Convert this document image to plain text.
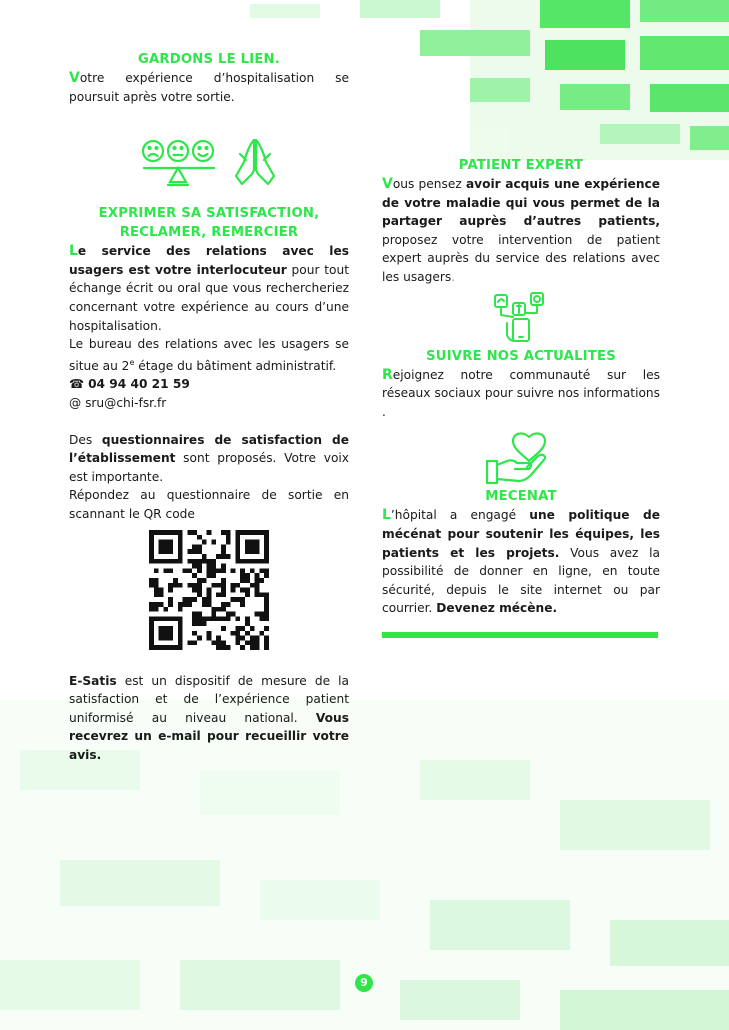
GARDONS LE LIEN.

Votre expérience d’hospitalisation se poursuit après votre sortie.

EXPRIMER SA SATISFACTION,
RECLAMER, REMERCIER

Le service des relations avec les usagers est votre interlocuteur pour tout échange écrit ou oral que vous rechercheriez concernant votre expérience au cours d’une hospitalisation.

Le bureau des relations avec les usagers se situe au 2e étage du bâtiment administratif.

☎ 04 94 40 21 59

@ sru@chi-fsr.fr

Des questionnaires de satisfaction de l’établissement sont proposés. Votre voix est importante.

Répondez au questionnaire de sortie en scannant le QR code

E-Satis est un dispositif de mesure de la satisfaction et de l’expérience patient uniformisé au niveau national. Vous recevrez un e-mail pour recueillir votre avis.

PATIENT EXPERT

Vous pensez avoir acquis une expérience de votre maladie qui vous permet de la partager auprès d’autres patients, proposez votre intervention de patient expert auprès du service des relations avec les usagers.

SUIVRE NOS ACTUALITES

Rejoignez notre communauté sur les réseaux sociaux pour suivre nos informations .

MECENAT

L’hôpital a engagé une politique de mécénat pour soutenir les équipes, les patients et les projets. Vous avez la possibilité de donner en ligne, en toute sécurité, depuis le site internet ou par courrier. Devenez mécène.

9
